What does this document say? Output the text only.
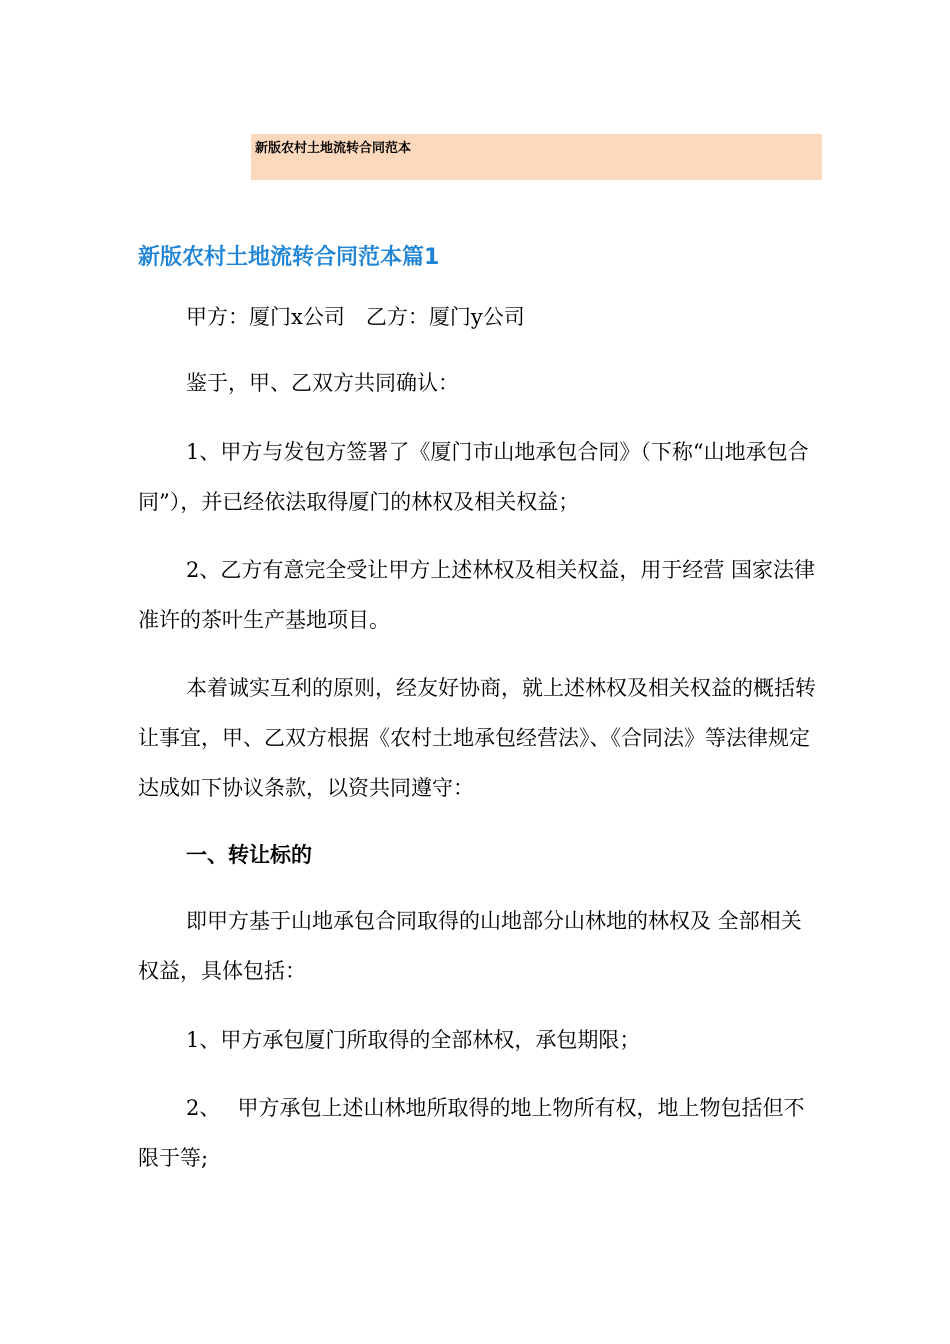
新版农村土地流转合同范本
新版农村土地流转合同范本篇1

甲方：厦门x公司　乙方：厦门y公司

鉴于，甲、乙双方共同确认：

1、甲方与发包方签署了《厦门市山地承包合同》（下称“山地承包合同”），并已经依法取得厦门的林权及相关权益；

2、乙方有意完全受让甲方上述林权及相关权益，用于经营 国家法律准许的茶叶生产基地项目。

本着诚实互利的原则，经友好协商，就上述林权及相关权益的概括转让事宜，甲、乙双方根据《农村土地承包经营法》、《合同法》等法律规定达成如下协议条款，以资共同遵守：

一、转让标的

即甲方基于山地承包合同取得的山地部分山林地的林权及 全部相关权益，具体包括：

1、甲方承包厦门所取得的全部林权，承包期限；

2、　 甲方承包上述山林地所取得的地上物所有权，地上物包括但不限于等;
